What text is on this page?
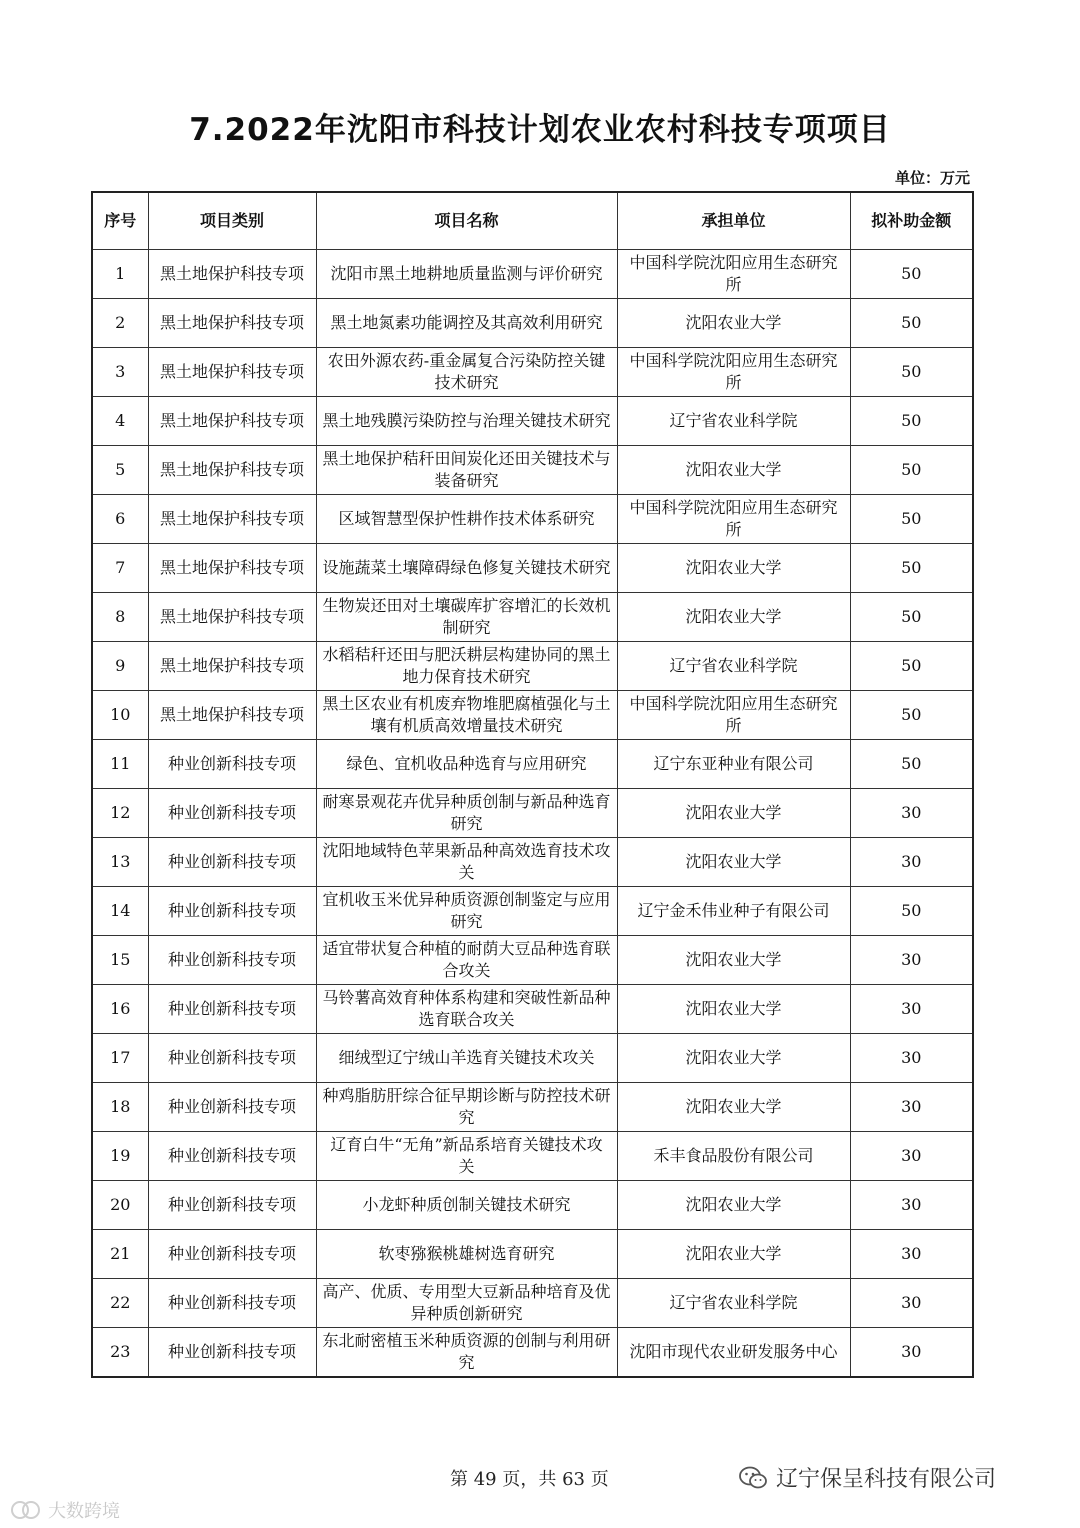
7.2022年沈阳市科技计划农业农村科技专项项目
单位：万元
序号	项目类别	项目名称	承担单位	拟补助金额
1	黑土地保护科技专项	沈阳市黑土地耕地质量监测与评价研究	中国科学院沈阳应用生态研究所	50
2	黑土地保护科技专项	黑土地氮素功能调控及其高效利用研究	沈阳农业大学	50
3	黑土地保护科技专项	农田外源农药-重金属复合污染防控关键技术研究	中国科学院沈阳应用生态研究所	50
4	黑土地保护科技专项	黑土地残膜污染防控与治理关键技术研究	辽宁省农业科学院	50
5	黑土地保护科技专项	黑土地保护秸秆田间炭化还田关键技术与装备研究	沈阳农业大学	50
6	黑土地保护科技专项	区域智慧型保护性耕作技术体系研究	中国科学院沈阳应用生态研究所	50
7	黑土地保护科技专项	设施蔬菜土壤障碍绿色修复关键技术研究	沈阳农业大学	50
8	黑土地保护科技专项	生物炭还田对土壤碳库扩容增汇的长效机制研究	沈阳农业大学	50
9	黑土地保护科技专项	水稻秸秆还田与肥沃耕层构建协同的黑土地力保育技术研究	辽宁省农业科学院	50
10	黑土地保护科技专项	黑土区农业有机废弃物堆肥腐植强化与土壤有机质高效增量技术研究	中国科学院沈阳应用生态研究所	50
11	种业创新科技专项	绿色、宜机收品种选育与应用研究	辽宁东亚种业有限公司	50
12	种业创新科技专项	耐寒景观花卉优异种质创制与新品种选育研究	沈阳农业大学	30
13	种业创新科技专项	沈阳地域特色苹果新品种高效选育技术攻关	沈阳农业大学	30
14	种业创新科技专项	宜机收玉米优异种质资源创制鉴定与应用研究	辽宁金禾伟业种子有限公司	50
15	种业创新科技专项	适宜带状复合种植的耐荫大豆品种选育联合攻关	沈阳农业大学	30
16	种业创新科技专项	马铃薯高效育种体系构建和突破性新品种选育联合攻关	沈阳农业大学	30
17	种业创新科技专项	细绒型辽宁绒山羊选育关键技术攻关	沈阳农业大学	30
18	种业创新科技专项	种鸡脂肪肝综合征早期诊断与防控技术研究	沈阳农业大学	30
19	种业创新科技专项	辽育白牛“无角”新品系培育关键技术攻关	禾丰食品股份有限公司	30
20	种业创新科技专项	小龙虾种质创制关键技术研究	沈阳农业大学	30
21	种业创新科技专项	软枣猕猴桃雄树选育研究	沈阳农业大学	30
22	种业创新科技专项	高产、优质、专用型大豆新品种培育及优异种质创新研究	辽宁省农业科学院	30
23	种业创新科技专项	东北耐密植玉米种质资源的创制与利用研究	沈阳市现代农业研发服务中心	30
第 49 页，共 63 页	辽宁保呈科技有限公司
大数跨境
